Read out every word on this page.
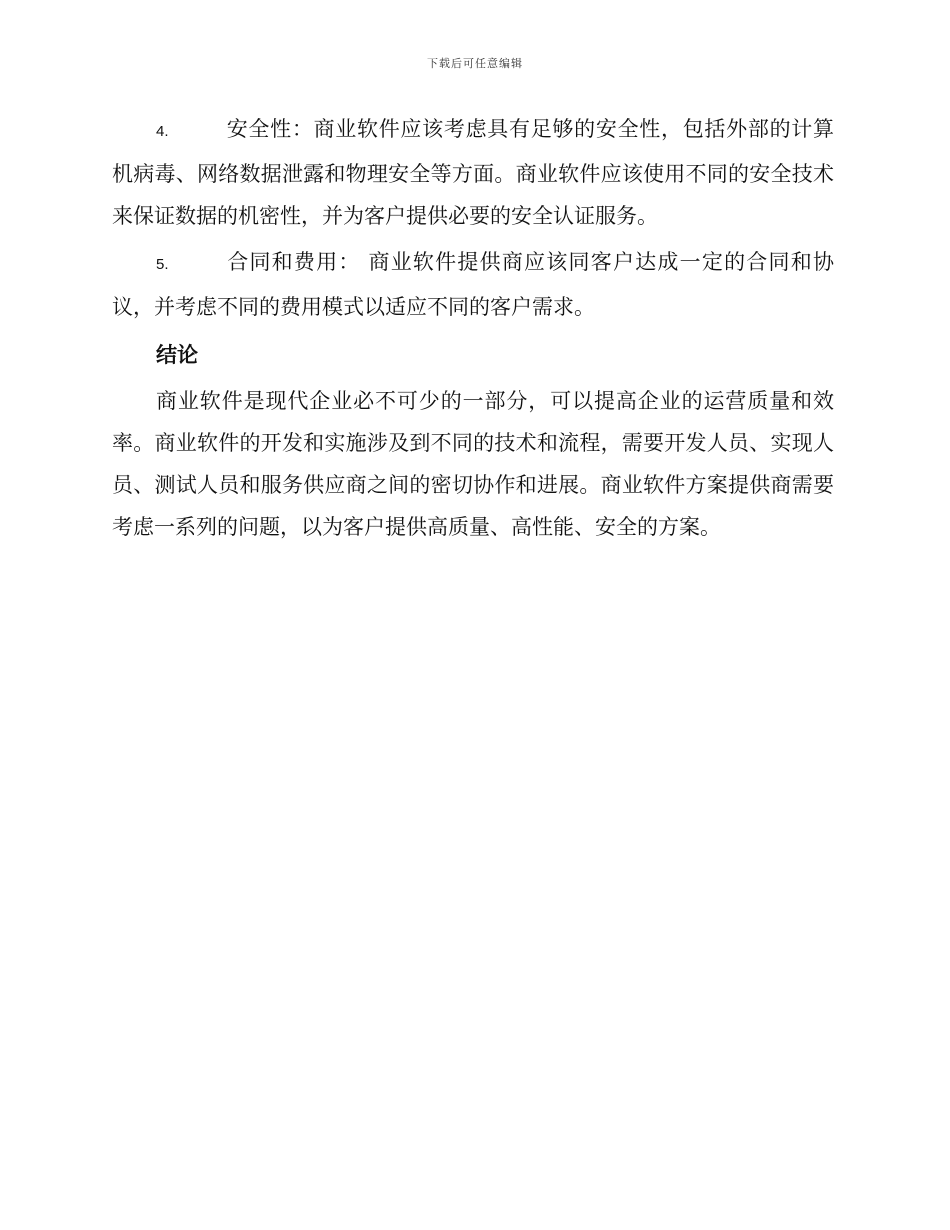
下载后可任意编辑

4.	安全性：商业软件应该考虑具有足够的安全性，包括外部的计算机病毒、网络数据泄露和物理安全等方面。商业软件应该使用不同的安全技术来保证数据的机密性，并为客户提供必要的安全认证服务。

5.	合同和费用： 商业软件提供商应该同客户达成一定的合同和协议，并考虑不同的费用模式以适应不同的客户需求。

结论

商业软件是现代企业必不可少的一部分，可以提高企业的运营质量和效率。商业软件的开发和实施涉及到不同的技术和流程，需要开发人员、实现人员、测试人员和服务供应商之间的密切协作和进展。商业软件方案提供商需要考虑一系列的问题，以为客户提供高质量、高性能、安全的方案。
